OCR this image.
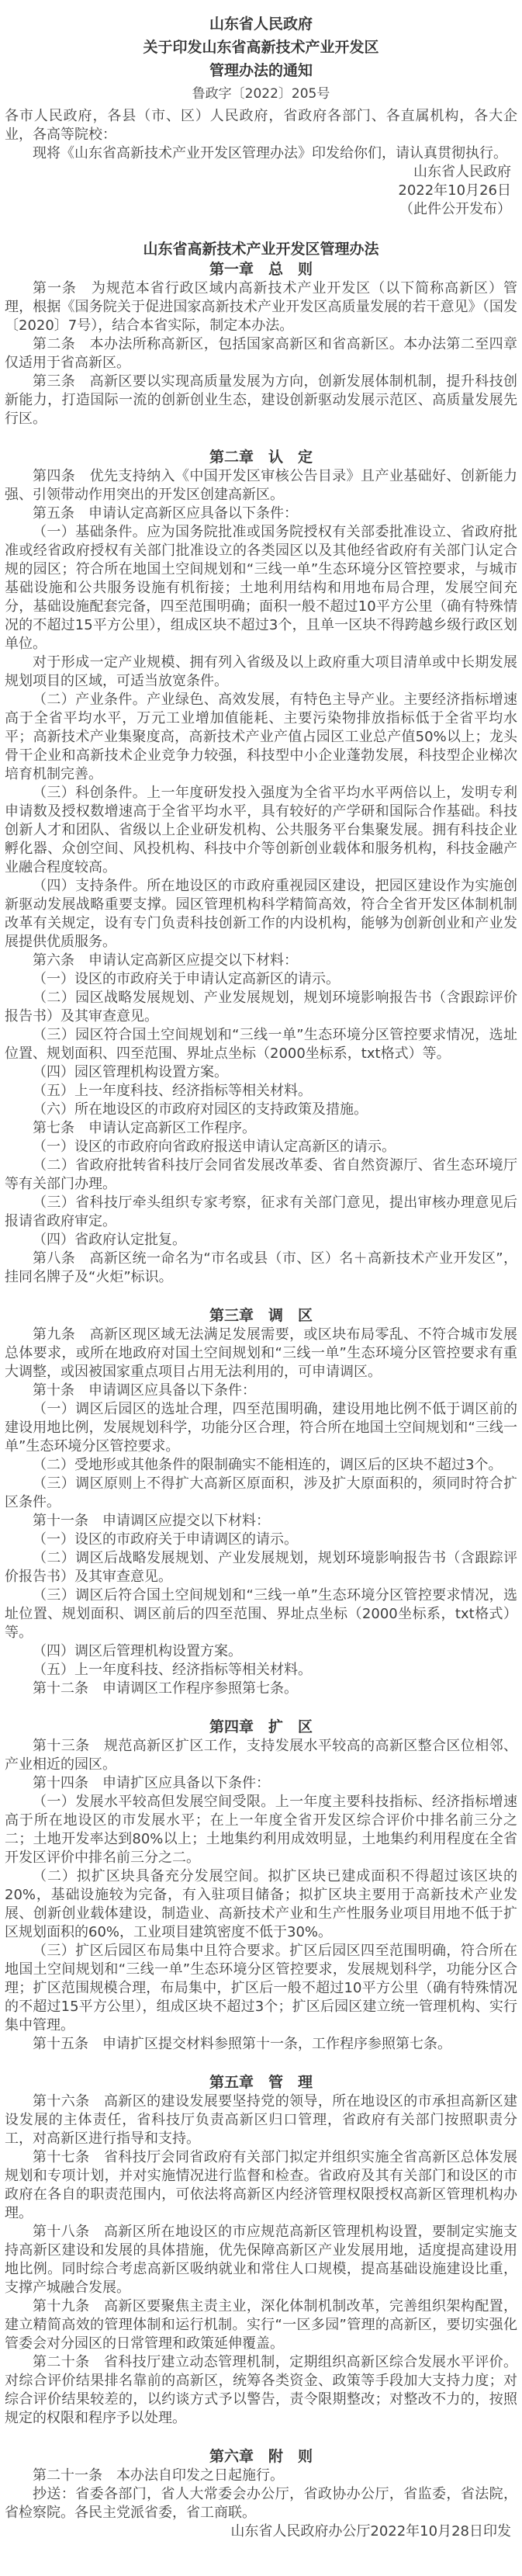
山东省人民政府
关于印发山东省高新技术产业开发区
管理办法的通知
鲁政字〔2022〕205号

各市人民政府，各县（市、区）人民政府，省政府各部门、各直属机构，各大企业，各高等院校：

现将《山东省高新技术产业开发区管理办法》印发给你们，请认真贯彻执行。

山东省人民政府

2022年10月26日

（此件公开发布）

山东省高新技术产业开发区管理办法
第一章　总　则

第一条　为规范本省行政区域内高新技术产业开发区（以下简称高新区）管理，根据《国务院关于促进国家高新技术产业开发区高质量发展的若干意见》（国发〔2020〕7号），结合本省实际，制定本办法。

第二条　本办法所称高新区，包括国家高新区和省高新区。本办法第二至四章仅适用于省高新区。

第三条　高新区要以实现高质量发展为方向，创新发展体制机制，提升科技创新能力，打造国际一流的创新创业生态，建设创新驱动发展示范区、高质量发展先行区。

第二章　认　定

第四条　优先支持纳入《中国开发区审核公告目录》且产业基础好、创新能力强、引领带动作用突出的开发区创建高新区。

第五条　申请认定高新区应具备以下条件：

（一）基础条件。应为国务院批准或国务院授权有关部委批准设立、省政府批准或经省政府授权有关部门批准设立的各类园区以及其他经省政府有关部门认定合规的园区；符合所在地国土空间规划和“三线一单”生态环境分区管控要求，与城市基础设施和公共服务设施有机衔接；土地利用结构和用地布局合理，发展空间充分，基础设施配套完备，四至范围明确；面积一般不超过10平方公里（确有特殊情况的不超过15平方公里），组成区块不超过3个，且单一区块不得跨越乡级行政区划单位。

对于形成一定产业规模、拥有列入省级及以上政府重大项目清单或中长期发展规划项目的区域，可适当放宽条件。

（二）产业条件。产业绿色、高效发展，有特色主导产业。主要经济指标增速高于全省平均水平，万元工业增加值能耗、主要污染物排放指标低于全省平均水平；高新技术产业集聚度高，高新技术产业产值占园区工业总产值50%以上；龙头骨干企业和高新技术企业竞争力较强，科技型中小企业蓬勃发展，科技型企业梯次培育机制完善。

（三）科创条件。上一年度研发投入强度为全省平均水平两倍以上，发明专利申请数及授权数增速高于全省平均水平，具有较好的产学研和国际合作基础。科技创新人才和团队、省级以上企业研发机构、公共服务平台集聚发展。拥有科技企业孵化器、众创空间、风投机构、科技中介等创新创业载体和服务机构，科技金融产业融合程度较高。

（四）支持条件。所在地设区的市政府重视园区建设，把园区建设作为实施创新驱动发展战略重要支撑。园区管理机构科学精简高效，符合全省开发区体制机制改革有关规定，设有专门负责科技创新工作的内设机构，能够为创新创业和产业发展提供优质服务。

第六条　申请认定高新区应提交以下材料：

（一）设区的市政府关于申请认定高新区的请示。

（二）园区战略发展规划、产业发展规划，规划环境影响报告书（含跟踪评价报告书）及其审查意见。

（三）园区符合国土空间规划和“三线一单”生态环境分区管控要求情况，选址位置、规划面积、四至范围、界址点坐标（2000坐标系，txt格式）等。

（四）园区管理机构设置方案。

（五）上一年度科技、经济指标等相关材料。

（六）所在地设区的市政府对园区的支持政策及措施。

第七条　申请认定高新区工作程序。

（一）设区的市政府向省政府报送申请认定高新区的请示。

（二）省政府批转省科技厅会同省发展改革委、省自然资源厅、省生态环境厅等有关部门办理。

（三）省科技厅牵头组织专家考察，征求有关部门意见，提出审核办理意见后报请省政府审定。

（四）省政府认定批复。

第八条　高新区统一命名为“市名或县（市、区）名＋高新技术产业开发区”，挂同名牌子及“火炬”标识。

第三章　调　区

第九条　高新区现区域无法满足发展需要，或区块布局零乱、不符合城市发展总体要求，或所在地政府对国土空间规划和“三线一单”生态环境分区管控要求有重大调整，或因被国家重点项目占用无法利用的，可申请调区。

第十条　申请调区应具备以下条件：

（一）调区后园区的选址合理，四至范围明确，建设用地比例不低于调区前的建设用地比例，发展规划科学，功能分区合理，符合所在地国土空间规划和“三线一单”生态环境分区管控要求。

（二）受地形或其他条件的限制确实不能相连的，调区后的区块不超过3个。

（三）调区原则上不得扩大高新区原面积，涉及扩大原面积的，须同时符合扩区条件。

第十一条　申请调区应提交以下材料：

（一）设区的市政府关于申请调区的请示。

（二）调区后战略发展规划、产业发展规划，规划环境影响报告书（含跟踪评价报告书）及其审查意见。

（三）调区后符合国土空间规划和“三线一单”生态环境分区管控要求情况，选址位置、规划面积、调区前后的四至范围、界址点坐标（2000坐标系，txt格式）等。

（四）调区后管理机构设置方案。

（五）上一年度科技、经济指标等相关材料。

第十二条　申请调区工作程序参照第七条。

第四章　扩　区

第十三条　规范高新区扩区工作，支持发展水平较高的高新区整合区位相邻、产业相近的园区。

第十四条　申请扩区应具备以下条件：

（一）发展水平较高但发展空间受限。上一年度主要科技指标、经济指标增速高于所在地设区的市发展水平；在上一年度全省开发区综合评价中排名前三分之二；土地开发率达到80%以上；土地集约利用成效明显，土地集约利用程度在全省开发区评价中排名前三分之二。

（二）拟扩区块具备充分发展空间。拟扩区块已建成面积不得超过该区块的20%，基础设施较为完备，有入驻项目储备；拟扩区块主要用于高新技术产业发展、创新创业载体建设，制造业、高新技术产业和生产性服务业项目用地不低于扩区规划面积的60%，工业项目建筑密度不低于30%。

（三）扩区后园区布局集中且符合要求。扩区后园区四至范围明确，符合所在地国土空间规划和“三线一单”生态环境分区管控要求，发展规划科学，功能分区合理；扩区范围规模合理，布局集中，扩区后一般不超过10平方公里（确有特殊情况的不超过15平方公里），组成区块不超过3个；扩区后园区建立统一管理机构、实行集中管理。

第十五条　申请扩区提交材料参照第十一条，工作程序参照第七条。

第五章　管　理

第十六条　高新区的建设发展要坚持党的领导，所在地设区的市承担高新区建设发展的主体责任，省科技厅负责高新区归口管理，省政府有关部门按照职责分工，对高新区进行指导和支持。

第十七条　省科技厅会同省政府有关部门拟定并组织实施全省高新区总体发展规划和专项计划，并对实施情况进行监督和检查。省政府及其有关部门和设区的市政府在各自的职责范围内，可依法将高新区内经济管理权限授权高新区管理机构办理。

第十八条　高新区所在地设区的市应规范高新区管理机构设置，要制定实施支持高新区建设和发展的具体措施，优先保障高新区产业发展用地，适度提高建设用地比例。同时综合考虑高新区吸纳就业和常住人口规模，提高基础设施建设比重，支撑产城融合发展。

第十九条　高新区要聚焦主责主业，深化体制机制改革，完善组织架构配置，建立精简高效的管理体制和运行机制。实行“一区多园”管理的高新区，要切实强化管委会对分园区的日常管理和政策延伸覆盖。

第二十条　省科技厅建立动态管理机制，定期组织高新区综合发展水平评价。对综合评价结果排名靠前的高新区，统筹各类资金、政策等手段加大支持力度；对综合评价结果较差的，以约谈方式予以警告，责令限期整改；对整改不力的，按照规定的权限和程序予以处理。

第六章　附　则

第二十一条　本办法自印发之日起施行。

抄送：省委各部门，省人大常委会办公厅，省政协办公厅，省监委，省法院，省检察院。各民主党派省委，省工商联。

山东省人民政府办公厅2022年10月28日印发
